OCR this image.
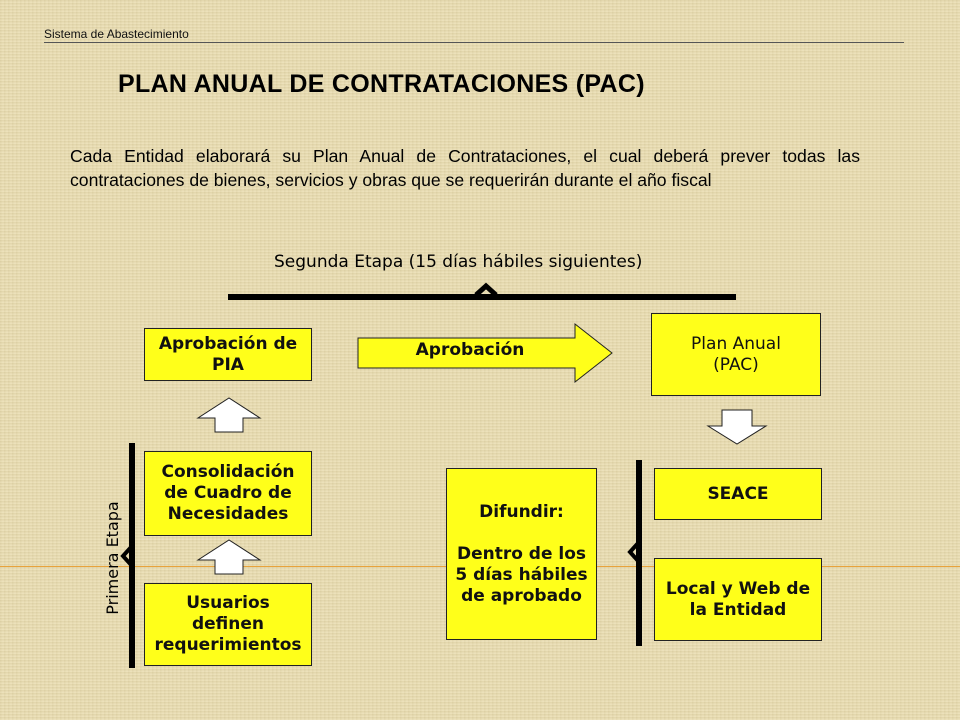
Sistema de Abastecimiento
PLAN ANUAL DE CONTRATACIONES (PAC)
Cada Entidad elaborará su Plan Anual de Contrataciones, el cual deberá prever todas las contrataciones de bienes, servicios y obras que se requerirán durante el año fiscal
Segunda Etapa (15 días hábiles siguientes)
Aprobación
Primera Etapa
Aprobación de
PIA
Consolidación
de Cuadro de
Necesidades
Usuarios
definen
requerimientos
Plan Anual
(PAC)
Difundir:

Dentro de los
5 días hábiles
de aprobado
SEACE
Local y Web de
la Entidad
